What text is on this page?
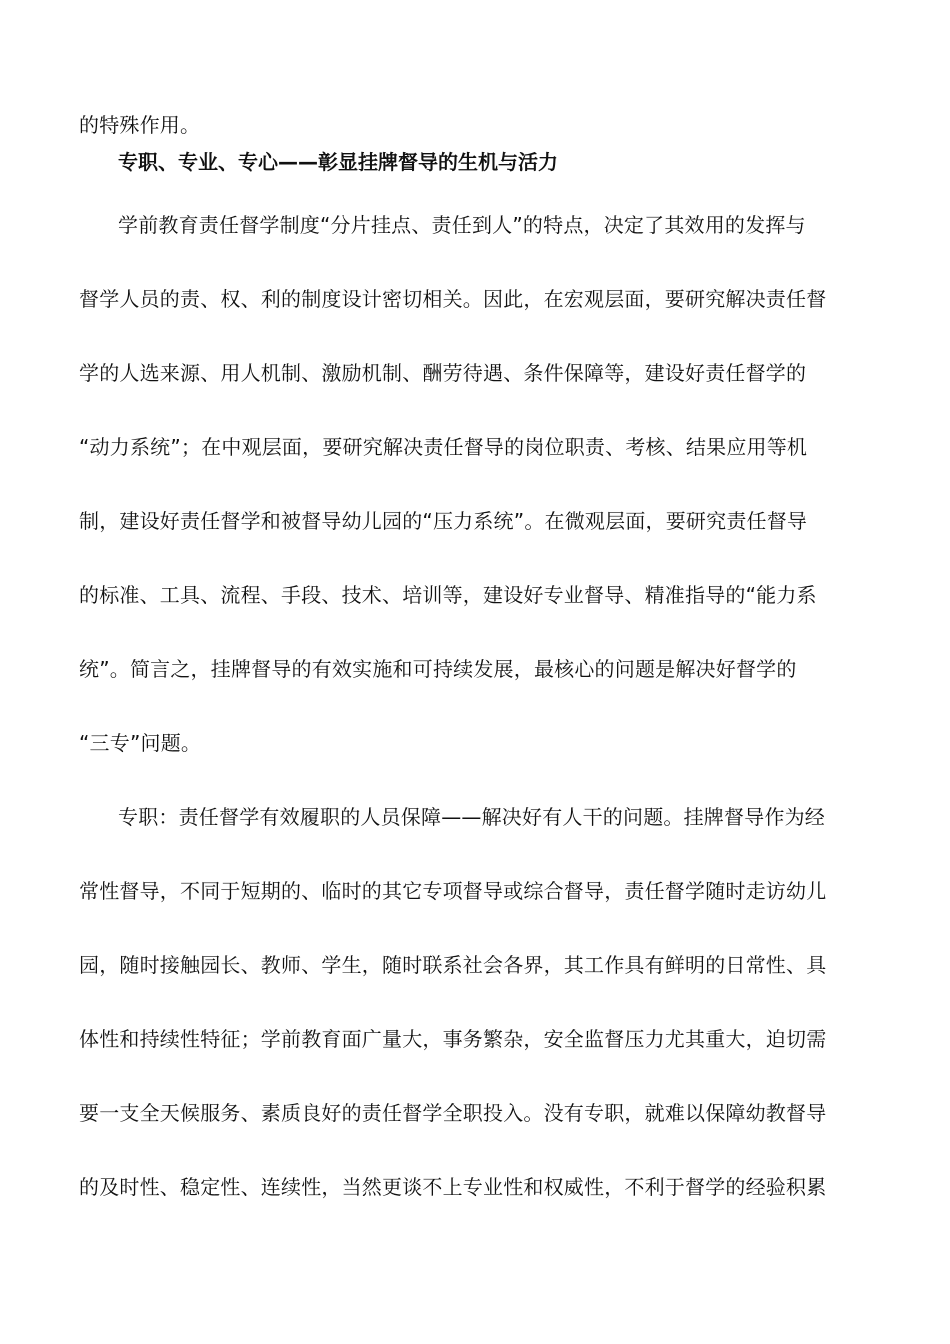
的特殊作用。

专职、专业、专心——彰显挂牌督导的生机与活力

学前教育责任督学制度“分片挂点、责任到人”的特点，决定了其效用的发挥与

督学人员的责、权、利的制度设计密切相关。因此，在宏观层面，要研究解决责任督

学的人选来源、用人机制、激励机制、酬劳待遇、条件保障等，建设好责任督学的

“动力系统”；在中观层面，要研究解决责任督导的岗位职责、考核、结果应用等机

制，建设好责任督学和被督导幼儿园的“压力系统”。在微观层面，要研究责任督导

的标准、工具、流程、手段、技术、培训等，建设好专业督导、精准指导的“能力系

统”。简言之，挂牌督导的有效实施和可持续发展，最核心的问题是解决好督学的

“三专”问题。

专职：责任督学有效履职的人员保障——解决好有人干的问题。挂牌督导作为经

常性督导，不同于短期的、临时的其它专项督导或综合督导，责任督学随时走访幼儿

园，随时接触园长、教师、学生，随时联系社会各界，其工作具有鲜明的日常性、具

体性和持续性特征；学前教育面广量大，事务繁杂，安全监督压力尤其重大，迫切需

要一支全天候服务、素质良好的责任督学全职投入。没有专职，就难以保障幼教督导

的及时性、稳定性、连续性，当然更谈不上专业性和权威性，不利于督学的经验积累
